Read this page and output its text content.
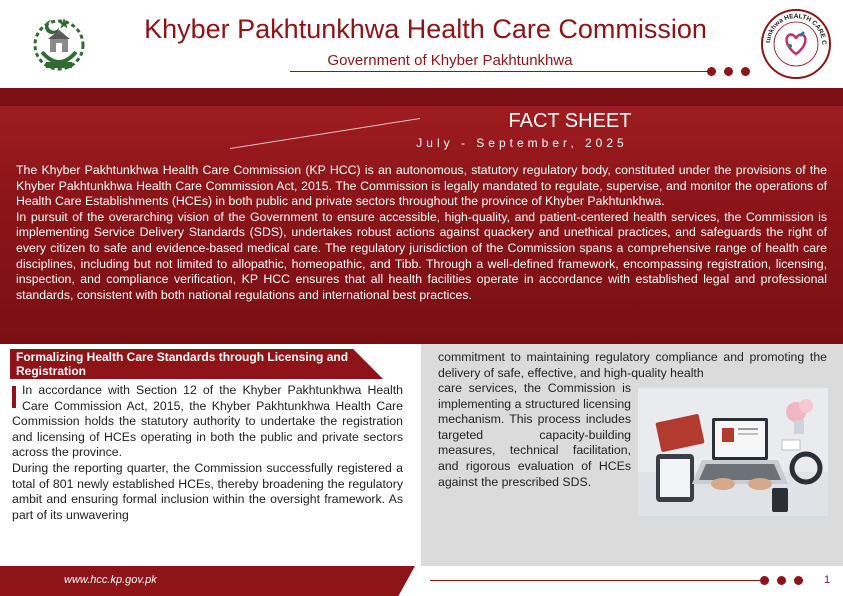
Khyber Pakhtunkhwa Health Care Commission
Government of Khyber Pakhtunkhwa
tunkhwa HEALTH CARE C
FACT SHEET
July - September, 2025

The Khyber Pakhtunkhwa Health Care Commission (KP HCC) is an autonomous, statutory regulatory body, constituted under the provisions of the Khyber Pakhtunkhwa Health Care Commission Act, 2015. The Commission is legally mandated to regulate, supervise, and monitor the operations of Health Care Establishments (HCEs) in both public and private sectors throughout the province of Khyber Pakhtunkhwa.

In pursuit of the overarching vision of the Government to ensure accessible, high-quality, and patient-centered health services, the Commission is implementing Service Delivery Standards (SDS), undertakes robust actions against quackery and unethical practices, and safeguards the right of every citizen to safe and evidence-based medical care. The regulatory jurisdiction of the Commission spans a comprehensive range of health care disciplines, including but not limited to allopathic, homeopathic, and Tibb. Through a well-defined framework, encompassing registration, licensing, inspection, and compliance verification, KP HCC ensures that all health facilities operate in accordance with established legal and professional standards, consistent with both national regulations and international best practices.

Formalizing Health Care Standards through Licensing and Registration

In accordance with Section 12 of the Khyber Pakhtunkhwa Health Care Commission Act, 2015, the Khyber Pakhtunkhwa Health Care Commission holds the statutory authority to undertake the registration and licensing of HCEs operating in both the public and private sectors across the province.

During the reporting quarter, the Commission successfully registered a total of 801 newly established HCEs, thereby broadening the regulatory ambit and ensuring formal inclusion within the oversight framework. As part of its unwavering

commitment to maintaining regulatory compliance and promoting the delivery of safe, effective, and high-quality health
care services, the Commission is implementing a structured licensing mechanism. This process includes targeted capacity-building measures, technical facilitation, and rigorous evaluation of HCEs against the prescribed SDS.
www.hcc.kp.gov.pk	1
